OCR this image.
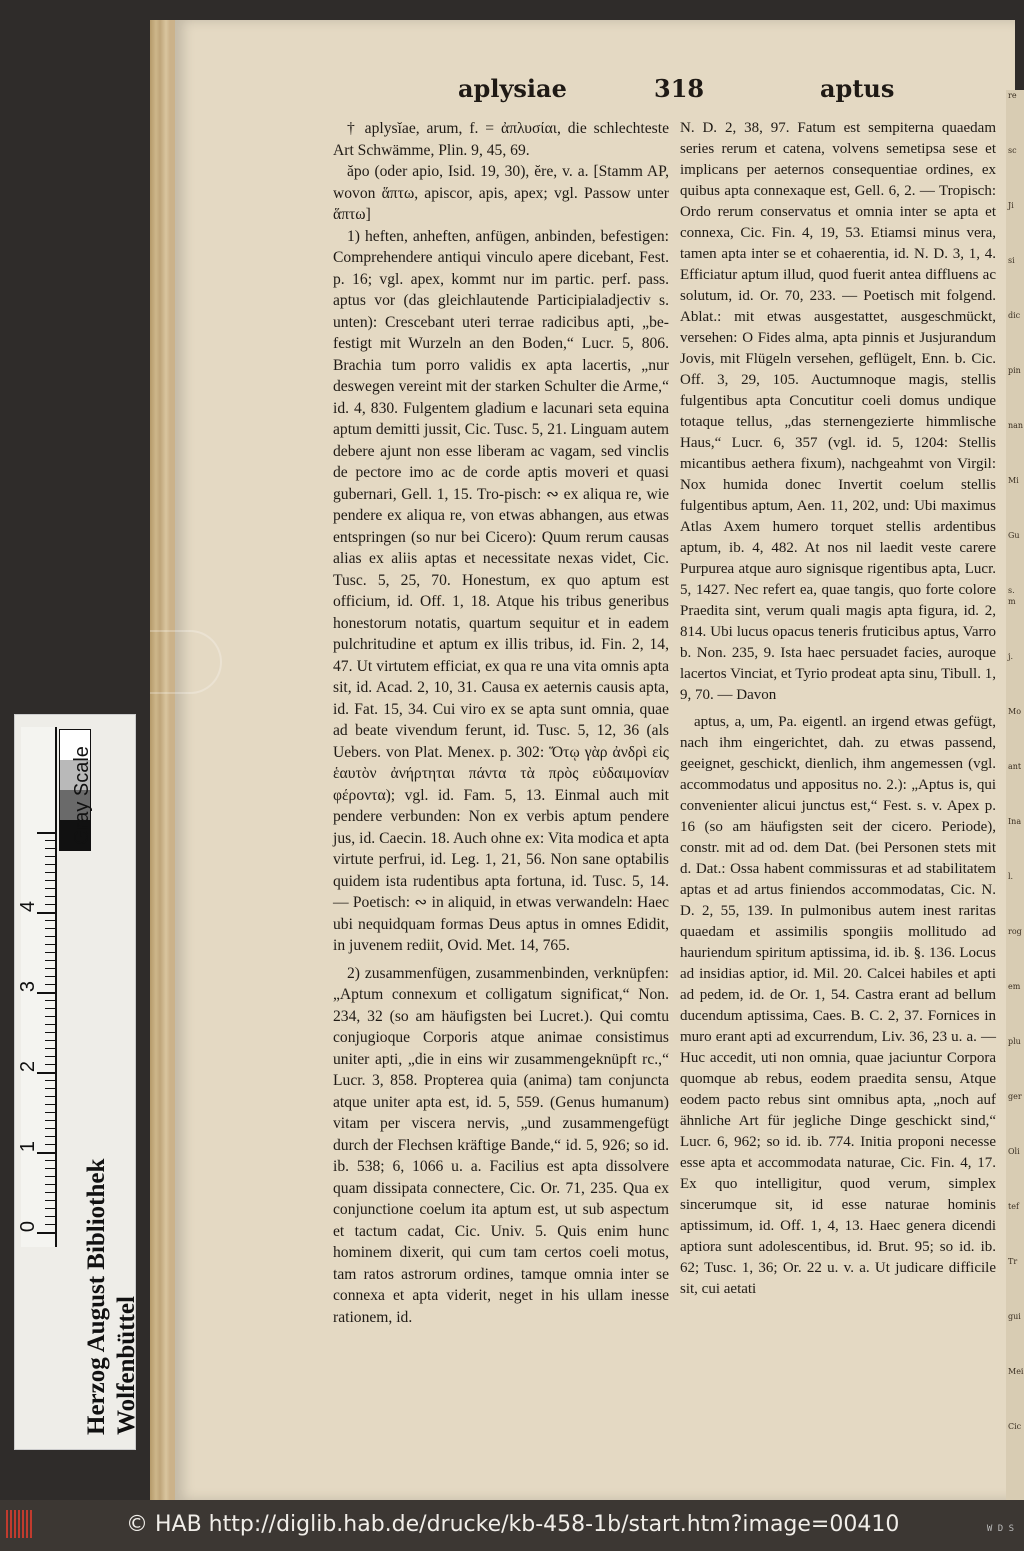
re
sc
Ji
si
dic
pin
nan
Mi
Gu
s. m
j.
Mo
ant
Ina
l.
rog
em
plu
ger
Oli
tef
Tr
gui
Mei
Cic
aplysiae	318	aptus

† aplysĭae, arum, f. = ἀπλυσίαι, die schlechteste Art Schwämme, Plin. 9, 45, 69.

ăpo (oder apio, Isid. 19, 30), ĕre, v. a. [Stamm AP, wovon ἅπτω, apiscor, apis, apex; vgl. Passow unter ἅπτω]

1) heften, anheften, anfügen, anbinden, befestigen: Comprehendere antiqui vinculo apere dicebant, Fest. p. 16; vgl. apex, kommt nur im partic. perf. pass. aptus vor (das gleichlautende Participialadjectiv s. unten): Crescebant uteri terrae radicibus apti, „be-festigt mit Wurzeln an den Boden,“ Lucr. 5, 806. Brachia tum porro validis ex apta lacertis, „nur deswegen vereint mit der starken Schulter die Arme,“ id. 4, 830. Fulgentem gladium e lacunari seta equina aptum demitti jussit, Cic. Tusc. 5, 21. Linguam autem debere ajunt non esse liberam ac vagam, sed vinclis de pectore imo ac de corde aptis moveri et quasi gubernari, Gell. 1, 15. Tro-pisch: ∾ ex aliqua re, wie pendere ex aliqua re, von etwas abhangen, aus etwas entspringen (so nur bei Cicero): Quum rerum causas alias ex aliis aptas et necessitate nexas videt, Cic. Tusc. 5, 25, 70. Honestum, ex quo aptum est officium, id. Off. 1, 18. Atque his tribus generibus honestorum notatis, quartum sequitur et in eadem pulchritudine et aptum ex illis tribus, id. Fin. 2, 14, 47. Ut virtutem efficiat, ex qua re una vita omnis apta sit, id. Acad. 2, 10, 31. Causa ex aeternis causis apta, id. Fat. 15, 34. Cui viro ex se apta sunt omnia, quae ad beate vivendum ferunt, id. Tusc. 5, 12, 36 (als Uebers. von Plat. Menex. p. 302: Ὅτῳ γὰρ ἀνδρὶ εἰς ἑαυτὸν ἀνήρτηται πάντα τὰ πρὸς εὐδαιμονίαν φέροντα); vgl. id. Fam. 5, 13. Einmal auch mit pendere verbunden: Non ex verbis aptum pendere jus, id. Caecin. 18. Auch ohne ex: Vita modica et apta virtute perfrui, id. Leg. 1, 21, 56. Non sane optabilis quidem ista rudentibus apta fortuna, id. Tusc. 5, 14. — Poetisch: ∾ in aliquid, in etwas verwandeln: Haec ubi nequidquam formas Deus aptus in omnes Edidit, in juvenem rediit, Ovid. Met. 14, 765.

2) zusammenfügen, zusammenbinden, verknüpfen: „Aptum connexum et colligatum significat,“ Non. 234, 32 (so am häufigsten bei Lucret.). Qui comtu conjugioque Corporis atque animae consistimus uniter apti, „die in eins wir zusammengeknüpft rc.,“ Lucr. 3, 858. Propterea quia (anima) tam conjuncta atque uniter apta est, id. 5, 559. (Genus humanum) vitam per viscera nervis, „und zusammengefügt durch der Flechsen kräftige Bande,“ id. 5, 926; so id. ib. 538; 6, 1066 u. a. Facilius est apta dissolvere quam dissipata connectere, Cic. Or. 71, 235. Qua ex conjunctione coelum ita aptum est, ut sub aspectum et tactum cadat, Cic. Univ. 5. Quis enim hunc hominem dixerit, qui cum tam certos coeli motus, tam ratos astrorum ordines, tamque omnia inter se connexa et apta viderit, neget in his ullam inesse rationem, id.

N. D. 2, 38, 97. Fatum est sempiterna quaedam series rerum et catena, volvens semetipsa sese et implicans per aeternos consequentiae ordines, ex quibus apta connexaque est, Gell. 6, 2. — Tropisch: Ordo rerum conservatus et omnia inter se apta et connexa, Cic. Fin. 4, 19, 53. Etiamsi minus vera, tamen apta inter se et cohaerentia, id. N. D. 3, 1, 4. Efficiatur aptum illud, quod fuerit antea diffluens ac solutum, id. Or. 70, 233. — Poetisch mit folgend. Ablat.: mit etwas ausgestattet, ausgeschmückt, versehen: O Fides alma, apta pinnis et Jusjurandum Jovis, mit Flügeln versehen, geflügelt, Enn. b. Cic. Off. 3, 29, 105. Auctumnoque magis, stellis fulgentibus apta Concutitur coeli domus undique totaque tellus, „das sternengezierte himmlische Haus,“ Lucr. 6, 357 (vgl. id. 5, 1204: Stellis micantibus aethera fixum), nachgeahmt von Virgil: Nox humida donec Invertit coelum stellis fulgentibus aptum, Aen. 11, 202, und: Ubi maximus Atlas Axem humero torquet stellis ardentibus aptum, ib. 4, 482. At nos nil laedit veste carere Purpurea atque auro signisque rigentibus apta, Lucr. 5, 1427. Nec refert ea, quae tangis, quo forte colore Praedita sint, verum quali magis apta figura, id. 2, 814. Ubi lucus opacus teneris fruticibus aptus, Varro b. Non. 235, 9. Ista haec persuadet facies, auroque lacertos Vinciat, et Tyrio prodeat apta sinu, Tibull. 1, 9, 70. — Davon

aptus, a, um, Pa. eigentl. an irgend etwas gefügt, nach ihm eingerichtet, dah. zu etwas passend, geeignet, geschickt, dienlich, ihm angemessen (vgl. accommodatus und appositus no. 2.): „Aptus is, qui convenienter alicui junctus est,“ Fest. s. v. Apex p. 16 (so am häufigsten seit der cicero. Periode), constr. mit ad od. dem Dat. (bei Personen stets mit d. Dat.: Ossa habent commissuras et ad stabilitatem aptas et ad artus finiendos accommodatas, Cic. N. D. 2, 55, 139. In pulmonibus autem inest raritas quaedam et assimilis spongiis mollitudo ad hauriendum spiritum aptissima, id. ib. §. 136. Locus ad insidias aptior, id. Mil. 20. Calcei habiles et apti ad pedem, id. de Or. 1, 54. Castra erant ad bellum ducendum aptissima, Caes. B. C. 2, 37. Fornices in muro erant apti ad excurrendum, Liv. 36, 23 u. a. — Huc accedit, uti non omnia, quae jaciuntur Corpora quomque ab rebus, eodem praedita sensu, Atque eodem pacto rebus sint omnibus apta, „noch auf ähnliche Art für jegliche Dinge geschickt sind,“ Lucr. 6, 962; so id. ib. 774. Initia proponi necesse esse apta et accommodata naturae, Cic. Fin. 4, 17. Ex quo intelligitur, quod verum, simplex sincerumque sit, id esse naturae hominis aptissimum, id. Off. 1, 4, 13. Haec genera dicendi aptiora sunt adolescentibus, id. Brut. 95; so id. ib. 62; Tusc. 1, 36; Or. 22 u. v. a. Ut judicare difficile sit, cui aetati

Gray Scale
0
1
2
3
4
Herzog August Bibliothek Wolfenbüttel
© HAB http://diglib.hab.de/drucke/kb-458-1b/start.htm?image=00410	W D S
